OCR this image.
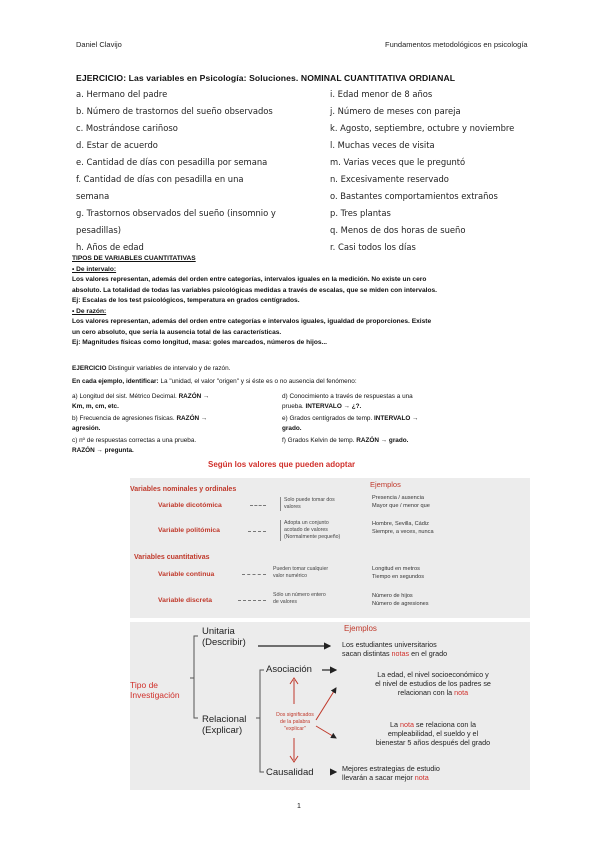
Daniel Clavijo	Fundamentos metodológicos en psicología
EJERCICIO: Las variables en Psicología: Soluciones. NOMINAL CUANTITATIVA ORDIANAL
a. Hermano del padre
b. Número de trastornos del sueño observados
c. Mostrándose cariñoso
d. Estar de acuerdo
e. Cantidad de días con pesadilla por semana
f. Cantidad de días con pesadilla en una
semana
g. Trastornos observados del sueño (insomnio y
pesadillas)
h. Años de edad
i. Edad menor de 8 años
j. Número de meses con pareja
k. Agosto, septiembre, octubre y noviembre
l. Muchas veces de visita
m. Varias veces que le preguntó
n. Excesivamente reservado
o. Bastantes comportamientos extraños
p. Tres plantas
q. Menos de dos horas de sueño
r. Casi todos los días
TIPOS DE VARIABLES CUANTITATIVAS
• De intervalo:
Los valores representan, además del orden entre categorías, intervalos iguales en la medición. No existe un cero
absoluto. La totalidad de todas las variables psicológicas medidas a través de escalas, que se miden con intervalos.
Ej: Escalas de los test psicológicos, temperatura en grados centígrados.
• De razón:
Los valores representan, además del orden entre categorías e intervalos iguales, igualdad de proporciones. Existe
un cero absoluto, que sería la ausencia total de las características.
Ej: Magnitudes físicas como longitud, masa: goles marcados, números de hijos...
EJERCICIO Distinguir variables de intervalo y de razón.
En cada ejemplo, identificar: La "unidad, el valor "origen" y si éste es o no ausencia del fenómeno:
a) Longitud del sist. Métrico Decimal. RAZÓN →
Km, m, cm, etc.
b) Frecuencia de agresiones físicas. RAZÓN →
agresión.
c) nº de respuestas correctas a una prueba.
RAZÓN → pregunta.
d) Conocimiento a través de respuestas a una
prueba. INTERVALO → ¿?.
e) Grados centígrados de temp. INTERVALO →
grado.
f) Grados Kelvin de temp. RAZÓN → grado.
Según los valores que pueden adoptar
Ejemplos
Variables nominales y ordinales
Variable dicotómica
Solo puede tomar dos
valores
Presencia / ausencia
Mayor que / menor que
Variable politómica
Adopta un conjunto
acotado de valores
(Normalmente pequeño)
Hombre, Sevilla, Cádiz
Siempre, a veces, nunca
Variables cuantitativas
Variable continua
Pueden tomar cualquier
valor numérico
Longitud en metros
Tiempo en segundos
Variable discreta
Sólo un número entero
de valores
Número de hijos
Número de agresiones
Ejemplos
Tipo de
Investigación
Unitaria
(Describir)
Relacional
(Explicar)
Asociación
Causalidad
Dos significados
de la palabra
"explicar"
Los estudiantes universitarios
sacan distintas notas en el grado
La edad, el nivel socioeconómico y
el nivel de estudios de los padres se
relacionan con la nota
La nota se relaciona con la
empleabilidad, el sueldo y el
bienestar 5 años después del grado
Mejores estrategias de estudio
llevarán a sacar mejor nota
1
